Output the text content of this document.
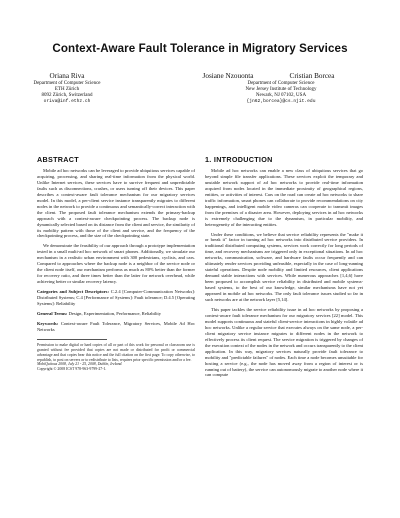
Context-Aware Fault Tolerance in Migratory Services
Oriana Riva
Department of Computer Science
ETH Zürich
8092 Zürich, Switzerland
oriva@inf.ethz.ch
Josiane Nzouonta	Cristian Borcea
Department of Computer Science
New Jersey Institute of Technology
Newark, NJ 07102, USA
{jn62,borcea}@cs.njit.edu
ABSTRACT

Mobile ad hoc networks can be leveraged to provide ubiquitous services capable of acquiring, processing, and sharing real-time information from the physical world. Unlike Internet services, these services have to survive frequent and unpredictable faults such as disconnections, crashes, or users turning off their devices. This paper describes a context-aware fault tolerance mechanism for our migratory services model. In this model, a per-client service instance transparently migrates to different nodes in the network to provide a continuous and semantically-correct interaction with the client. The proposed fault tolerance mechanism extends the primary-backup approach with a context-aware checkpointing process. The backup node is dynamically selected based on its distance from the client and service, the similarity of its mobility pattern with those of the client and service, and the frequency of the checkpointing process, and the size of the checkpointing state.

We demonstrate the feasibility of our approach through a prototype implementation tested in a small multi-ad hoc network of smart phones. Additionally, we simulate our mechanism in a realistic urban environment with 300 pedestrians, cyclists, and cars. Compared to approaches where the backup node is a neighbor of the service node or the client node itself, our mechanism performs as much as 80% better than the former for recovery ratio, and three times better than the latter for network overhead, while achieving better or similar recovery latency.

Categories and Subject Descriptors: C.2.4 [Computer-Communication Networks]: Distributed Systems; C.4 [Performance of Systems]: Fault tolerance; D.4.5 [Operating Systems]: Reliability

General Terms: Design, Experimentation, Performance, Reliability

Keywords: Context-aware Fault Tolerance, Migratory Services, Mobile Ad Hoc Networks

Permission to make digital or hard copies of all or part of this work for personal or classroom use is granted without fee provided that copies are not made or distributed for profit or commercial advantage and that copies bear this notice and the full citation on the first page. To copy otherwise, to republish, to post on servers or to redistribute to lists, requires prior specific permission and/or a fee.

MobiQuitous 2008, July 21 - 25, 2008, Dublin, Ireland.

Copyright © 2008 ICST 978-963-9799-27-1.

1. INTRODUCTION

Mobile ad hoc networks can enable a new class of ubiquitous services that go beyond simple file transfer applications. These services exploit the temporary and unstable network support of ad hoc networks to provide real-time information acquired from nodes located in the immediate proximity of geographical regions, entities, or activities of interest. Cars on the road can create ad hoc networks to share traffic information, smart phones can collaborate to provide recommendations on city happenings, and intelligent mobile video cameras can cooperate to transmit images from the premises of a disaster area. However, deploying services in ad hoc networks is extremely challenging due to the dynamism, in particular mobility, and heterogeneity of the interacting entities.

Under these conditions, we believe that service reliability represents the "make it or break it" factor in turning ad hoc networks into distributed service providers. In traditional distributed computing systems, services work correctly for long periods of time, and recovery mechanisms are triggered only in exceptional situations. In ad hoc networks, communication, software, and hardware faults occur frequently and can ultimately render services providing unfeasible, especially in the case of long-running stateful operations. Despite node mobility and limited resources, client applications demand stable interactions with services. While numerous approaches [1,4,6] have been proposed to accomplish service reliability in distributed and mobile systems-based systems, to the best of our knowledge, similar mechanisms have not yet appeared in mobile ad hoc networks. The only fault tolerance issues studied so far in such networks are at the network layer [5,14].

This paper tackles the service reliability issue in ad hoc networks by proposing a context-aware fault tolerance mechanism for our migratory services [22] model. This model supports continuous and stateful client-service interactions in highly volatile ad hoc networks. Unlike a regular service that executes always on the same node, a per-client migratory service instance migrates to different nodes in the network to effectively process its client request. The service migration is triggered by changes of the execution context of the nodes in the network and occurs transparently to the client application. In this way, migratory services naturally provide fault tolerance to mobility and "predictable failures" of nodes. Each time a node becomes unsuitable for hosting a service (e.g., the node has moved away from a region of interest or is running out of battery), the service can autonomously migrate to another node where it can compute
